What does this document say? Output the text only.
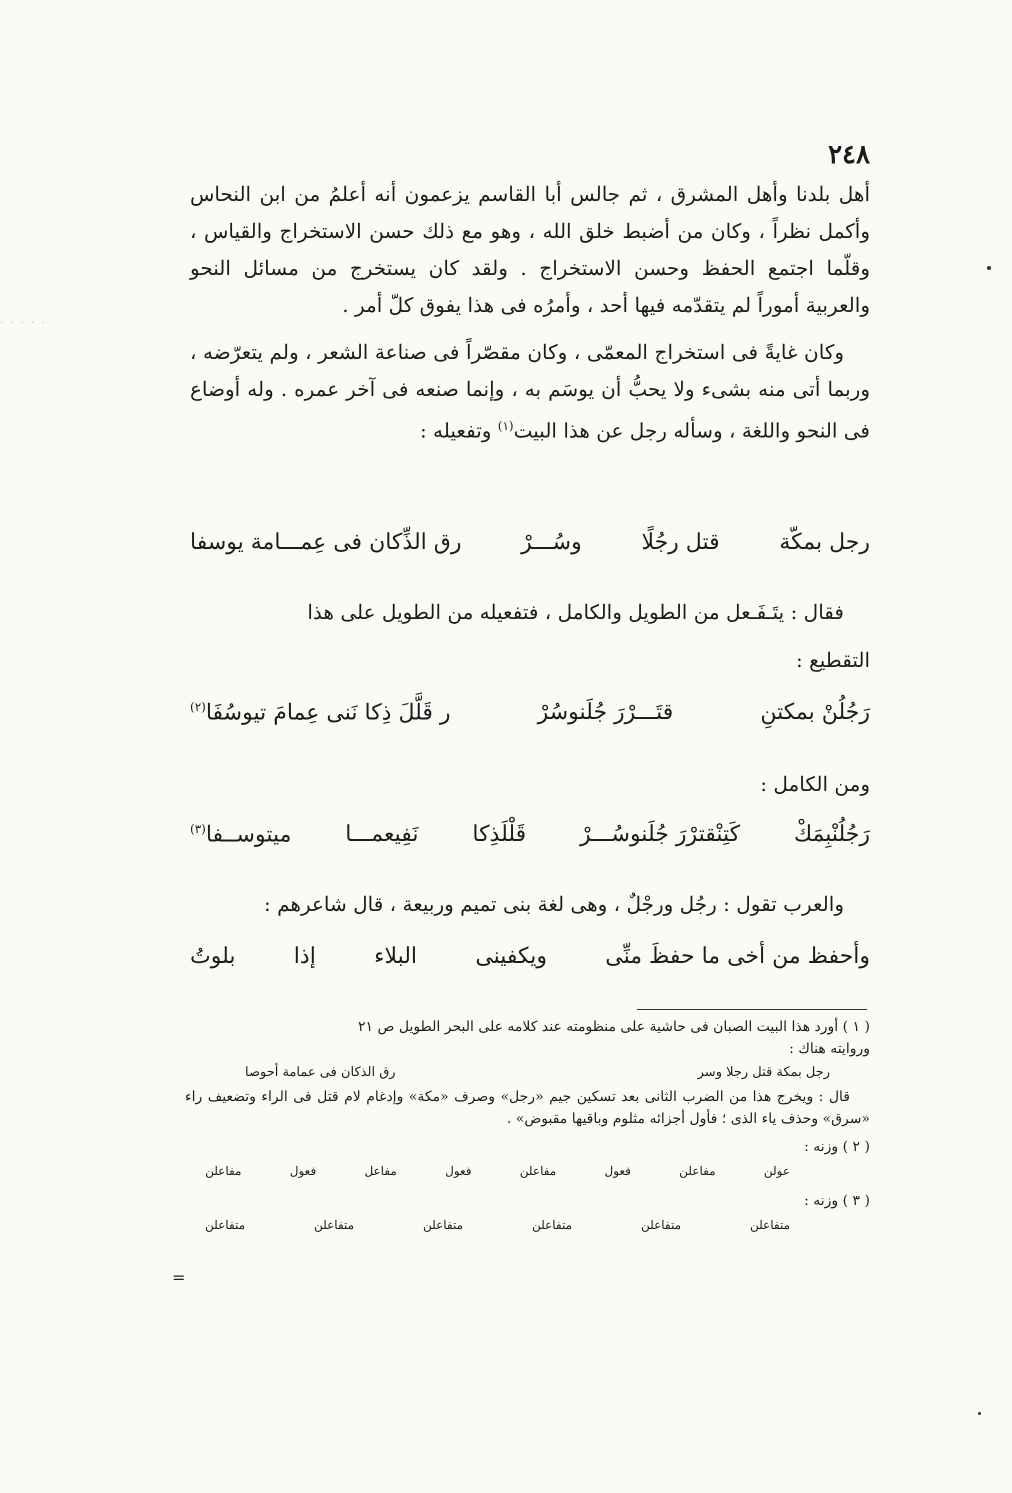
٢٤٨

أهل بلدنا وأهل المشرق ، ثم جالس أبا القاسم يزعمون أنه أعلمُ من ابن النحاس وأكمل نظراً ، وكان من أضبط خلق الله ، وهو مع ذلك حسن الاستخراج والقياس ، وقلّما اجتمع الحفظ وحسن الاستخراج . ولقد كان يستخرج من مسائل النحو والعربية أموراً لم يتقدّمه فيها أحد ، وأمرُه فى هذا يفوق كلّ أمر .

وكان غايةً فى استخراج المعمّى ، وكان مقصّراً فى صناعة الشعر ، ولم يتعرّضه ، وربما أتى منه بشىء ولا يحبُّ أن يوسَم به ، وإنما صنعه فى آخر عمره . وله أوضاع فى النحو واللغة ، وسأله رجل عن هذا البيت$^{(١)}$ وتفعيله :

رجل بمكّة
قتل رجُلًا
وسُـــرْ
رق الذِّكان فى عِمـــامة يوسفا
فقال : يتَـفَـعل من الطويل والكامل ، فتفعيله من الطويل على هذا
التقطيع :
رَجُلُنْ بمكتنِ
قتَـــرْرَ جُلَنوسُرْ
ر قَلَّلَ ذِكا نَنى عِمامَ تيوسُفَا$^{(٢)}$
ومن الكامل :
رَجُلُنْبِمَكْ
كَتِنْقترْرَ جُلَنوسُـــرْ
قَلْلَذِكا
نَفِيعمـــا
ميتوســفا$^{(٣)}$
والعرب تقول : رجُل ورجْلٌ ، وهى لغة بنى تميم وربيعة ، قال شاعرهم :
وأحفظ من أخى ما حفظَ منِّى
ويكفينى
البلاء
إذا
بلوتُ

( ١ ) أورد هذا البيت الصبان فى حاشية على منظومته عند كلامه على البحر الطويل ص ٢١

وروايته هناك :

رجل بمكة قتل رجلا وسر
رق الذكان فى عمامة أحوصا

قال : ويخرج هذا من الضرب الثانى بعد تسكين جيم «رجل» وصرف «مكة» وإدغام لام قتل فى الراء وتضعيف راء «سرق» وحذف ياء الذى ؛ فأول أجزائه مثلوم وباقيها مقبوض» .

( ٢ ) وزنه :

عولن
مفاعلن
فعول
مفاعلن
فعول
مفاعل
فعول
مفاعلن

( ٣ ) وزنه :

متفاعلن
متفاعلن
متفاعلن
متفاعلن
متفاعلن
متفاعلن
=
· · · · ·
